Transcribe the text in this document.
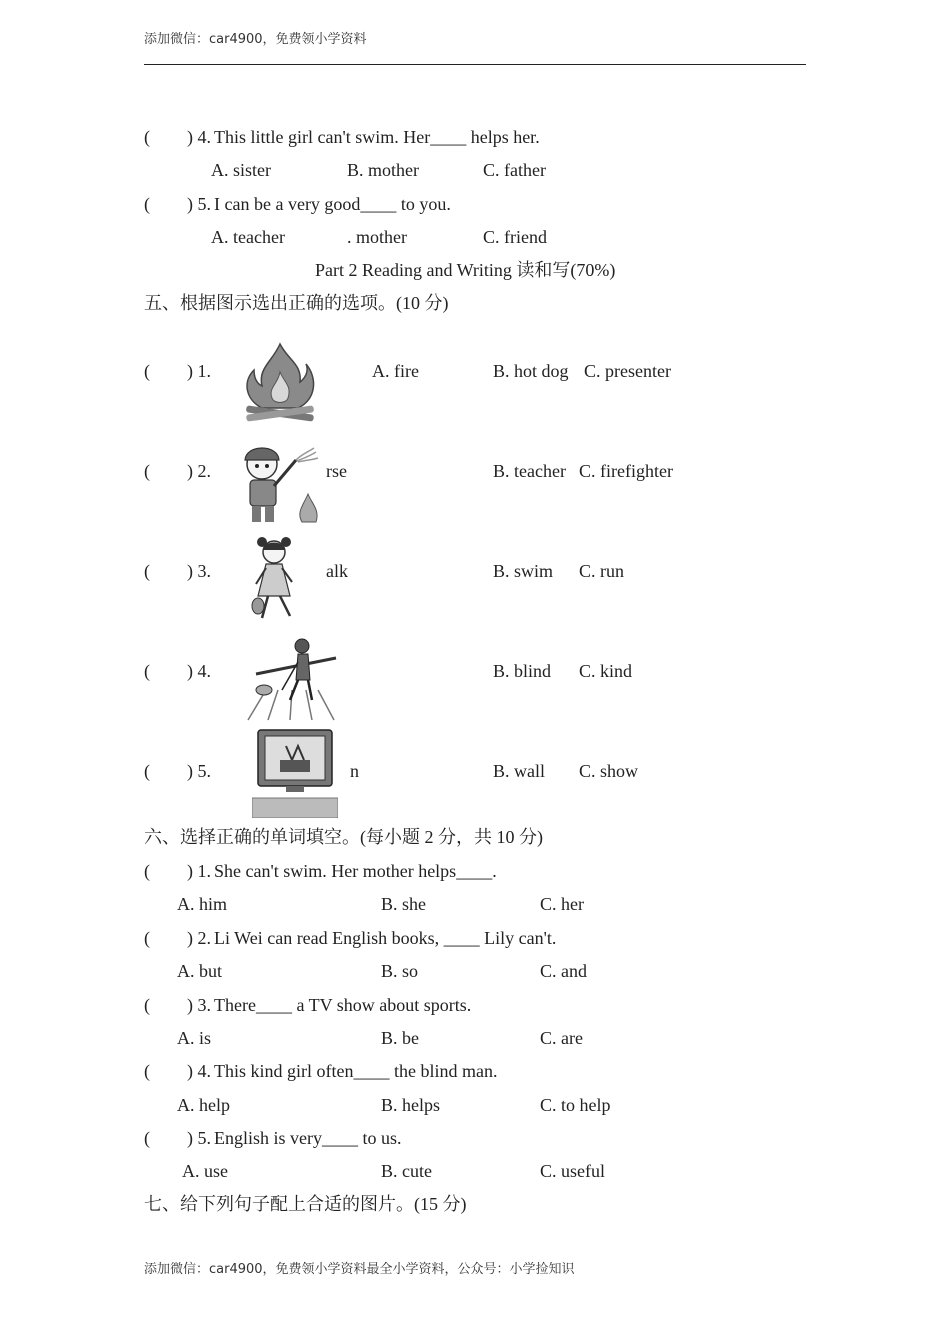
添加微信：car4900，免费领小学资料
( ) 4. This little girl can't swim. Her____ helps her.
A. sister	B. mother	C. father
( ) 5. I can be a very good____ to you.
A. teacher	. mother	C. friend
Part 2 Reading and Writing 读和写(70%)
五、根据图示选出正确的选项。(10 分)
( ) 1.	A. fire	B. hot dog C. presenter
( ) 2.	rse	B. teacher C. firefighter
( ) 3.	alk	B. swim C. run
( ) 4.	B. blind C. kind
( ) 5.	n	B. wall C. show
六、选择正确的单词填空。(每小题 2 分，共 10 分)
( ) 1. She can't swim. Her mother helps____.
A. him	B. she	C. her
( ) 2. Li Wei can read English books, ____ Lily can't.
A. but	B. so	C. and
( ) 3. There____ a TV show about sports.
A. is	B. be	C. are
( ) 4. This kind girl often____ the blind man.
A. help	B. helps	C. to help
( ) 5. English is very____ to us.
A. use	B. cute	C. useful
七、给下列句子配上合适的图片。(15 分)
添加微信：car4900，免费领小学资料最全小学资料，公众号：小学捡知识
